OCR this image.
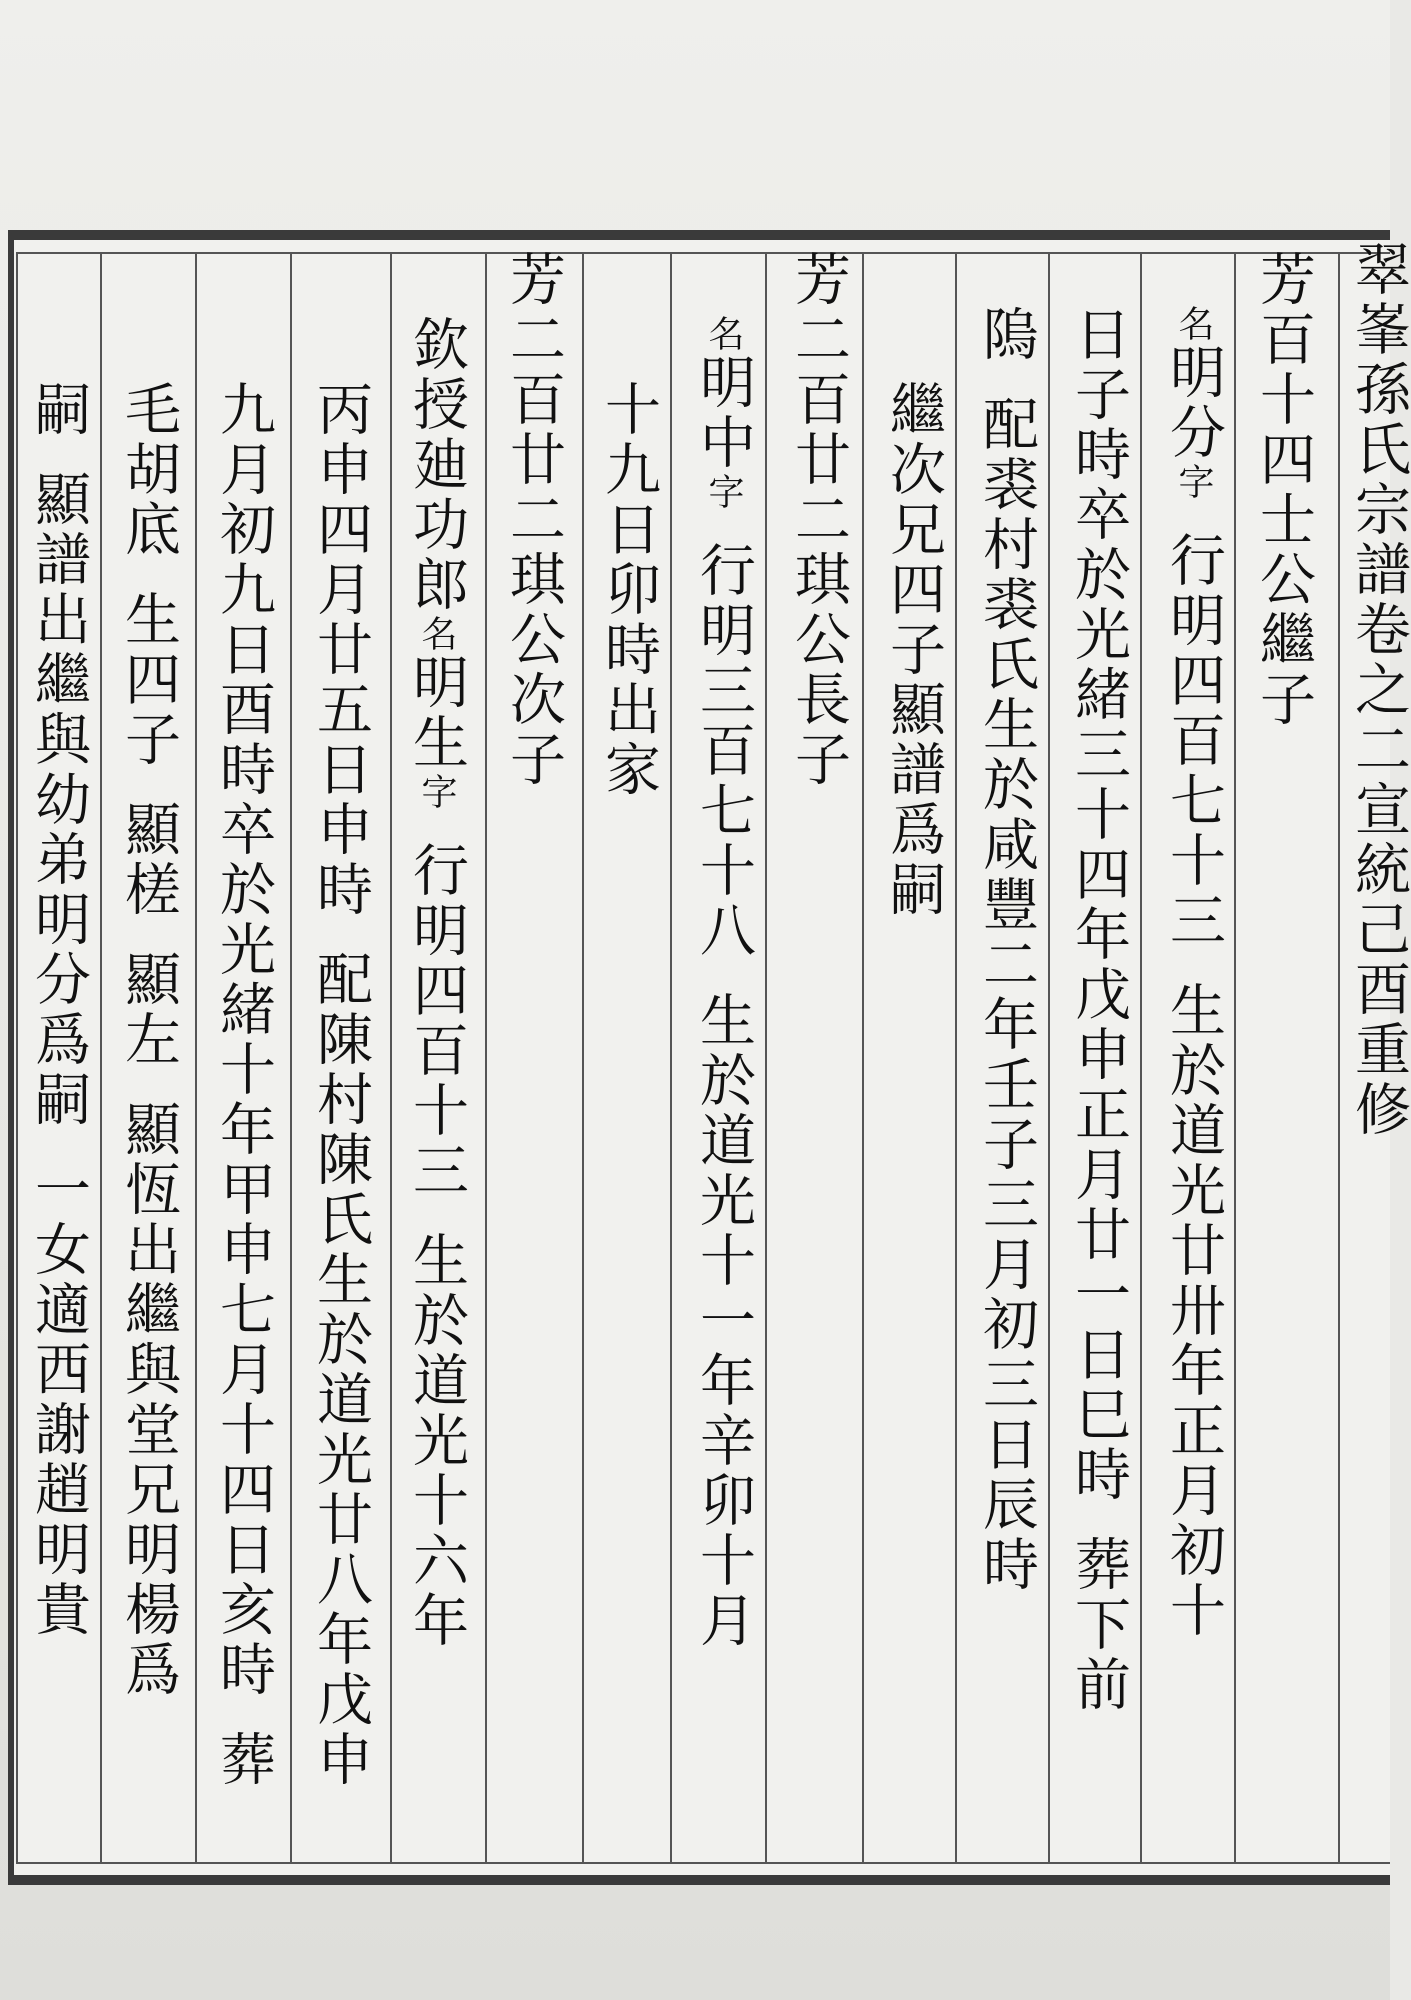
翠峯孫氏宗譜卷之二宣統己酉重修
芳百十四士公繼子
名明分字行明四百七十三生於道光廿卅年正月初十
日子時卒於光緒三十四年戊申正月廿一日巳時葬下前
隖配裘村裘氏生於咸豐二年壬子三月初三日辰時
繼次兄四子顯譜爲嗣
芳二百廿二琪公長子
名明中字行明三百七十八生於道光十一年辛卯十月
十九日卯時出家
芳二百廿二琪公次子
欽授廸功郎名明生字行明四百十三生於道光十六年
丙申四月廿五日申時配陳村陳氏生於道光廿八年戊申
九月初九日酉時卒於光緒十年甲申七月十四日亥時葬
毛胡底生四子顯槎顯左顯恆出繼與堂兄明楊爲
嗣顯譜出繼與幼弟明分爲嗣一女適西謝趙明貴
